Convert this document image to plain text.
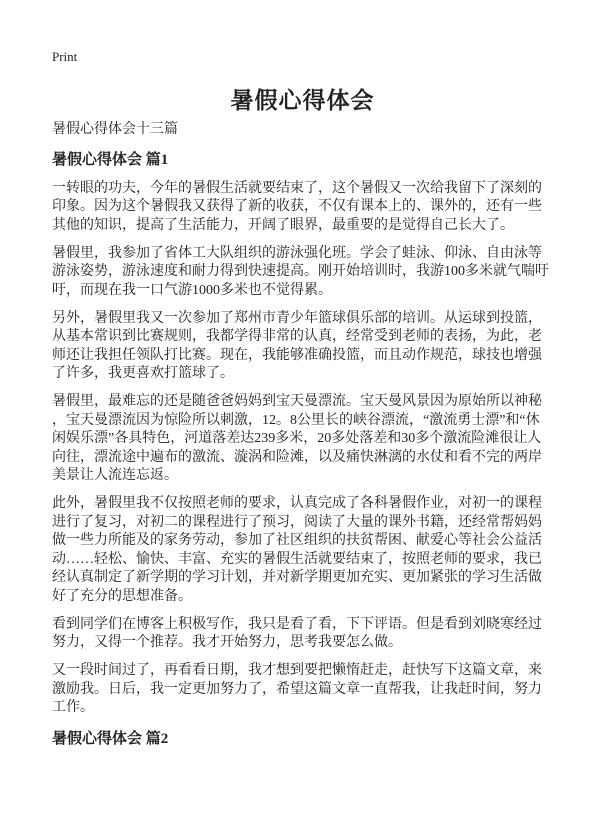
Print
暑假心得体会
暑假心得体会十三篇
暑假心得体会 篇1

一转眼的功夫，今年的暑假生活就要结束了，这个暑假又一次给我留下了深刻的印象。因为这个暑假我又获得了新的收获，不仅有课本上的、课外的，还有一些其他的知识，提高了生活能力，开阔了眼界，最重要的是觉得自己长大了。

暑假里，我参加了省体工大队组织的游泳强化班。学会了蛙泳、仰泳、自由泳等游泳姿势，游泳速度和耐力得到快速提高。刚开始培训时，我游100多米就气喘吁吁，而现在我一口气游1000多米也不觉得累。

另外，暑假里我又一次参加了郑州市青少年篮球俱乐部的培训。从运球到投篮，从基本常识到比赛规则，我都学得非常的认真，经常受到老师的表扬，为此，老师还让我担任领队打比赛。现在，我能够准确投篮，而且动作规范，球技也增强了许多，我更喜欢打篮球了。

暑假里，最难忘的还是随爸爸妈妈到宝天曼漂流。宝天曼风景因为原始所以神秘，宝天曼漂流因为惊险所以刺激，12。8公里长的峡谷漂流，“激流勇士漂”和“休闲娱乐漂”各具特色，河道落差达239多米，20多处落差和30多个激流险滩很让人向往，漂流途中遍布的激流、漩涡和险滩，以及痛快淋漓的水仗和看不完的两岸美景让人流连忘返。

此外，暑假里我不仅按照老师的要求，认真完成了各科暑假作业，对初一的课程进行了复习，对初二的课程进行了预习，阅读了大量的课外书籍，还经常帮妈妈做一些力所能及的家务劳动，参加了社区组织的扶贫帮困、献爱心等社会公益活动……轻松、愉快、丰富、充实的暑假生活就要结束了，按照老师的要求，我已经认真制定了新学期的学习计划，并对新学期更加充实、更加紧张的学习生活做好了充分的思想准备。

看到同学们在博客上积极写作，我只是看了看，下下评语。但是看到刘晓寒经过努力，又得一个推荐。我才开始努力，思考我要怎么做。

又一段时间过了，再看看日期，我才想到要把懒惰赶走，赶快写下这篇文章，来激励我。日后，我一定更加努力了，希望这篇文章一直帮我，让我赶时间，努力工作。

暑假心得体会 篇2
